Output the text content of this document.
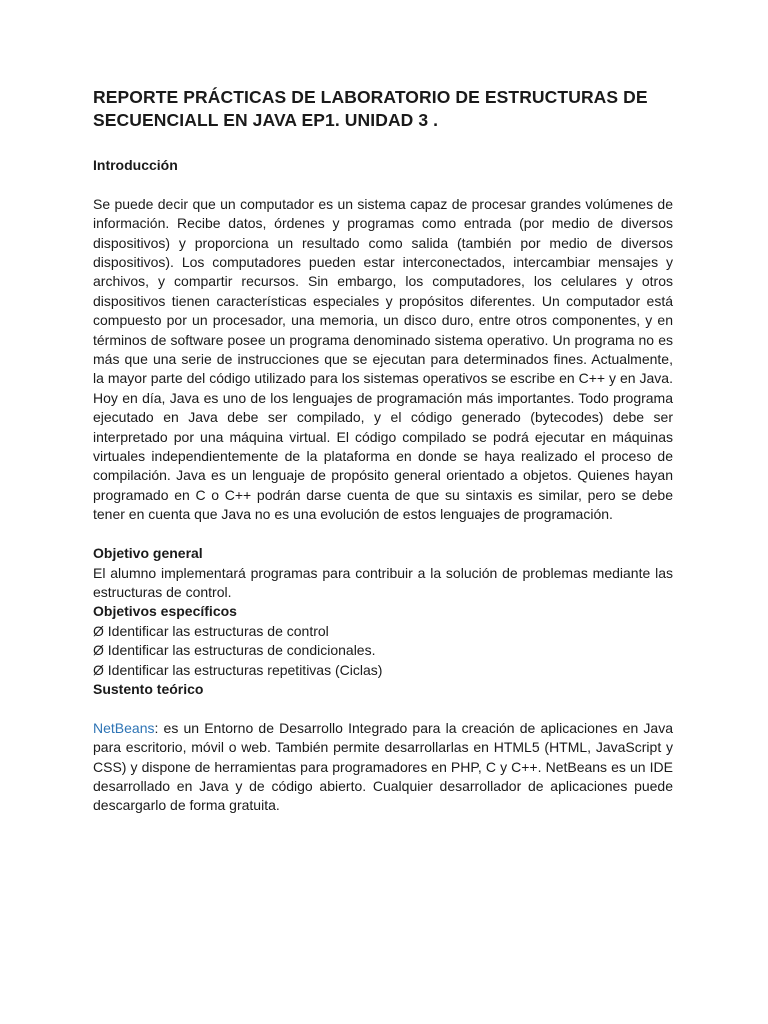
REPORTE PRÁCTICAS DE LABORATORIO DE ESTRUCTURAS DE SECUENCIALL EN JAVA EP1. UNIDAD 3 .
Introducción

Se puede decir que un computador es un sistema capaz de procesar grandes volúmenes de información. Recibe datos, órdenes y programas como entrada (por medio de diversos dispositivos) y proporciona un resultado como salida (también por medio de diversos dispositivos). Los computadores pueden estar interconectados, intercambiar mensajes y archivos, y compartir recursos. Sin embargo, los computadores, los celulares y otros dispositivos tienen características especiales y propósitos diferentes. Un computador está compuesto por un procesador, una memoria, un disco duro, entre otros componentes, y en términos de software posee un programa denominado sistema operativo. Un programa no es más que una serie de instrucciones que se ejecutan para determinados fines. Actualmente, la mayor parte del código utilizado para los sistemas operativos se escribe en C++ y en Java. Hoy en día, Java es uno de los lenguajes de programación más importantes. Todo programa ejecutado en Java debe ser compilado, y el código generado (bytecodes) debe ser interpretado por una máquina virtual. El código compilado se podrá ejecutar en máquinas virtuales independientemente de la plataforma en donde se haya realizado el proceso de compilación. Java es un lenguaje de propósito general orientado a objetos. Quienes hayan programado en C o C++ podrán darse cuenta de que su sintaxis es similar, pero se debe tener en cuenta que Java no es una evolución de estos lenguajes de programación.

Objetivo general

El alumno implementará programas para contribuir a la solución de problemas mediante las estructuras de control.

Objetivos específicos

Ø Identificar las estructuras de control

Ø Identificar las estructuras de condicionales.

Ø Identificar las estructuras repetitivas (Ciclas)

Sustento teórico

NetBeans: es un Entorno de Desarrollo Integrado para la creación de aplicaciones en Java para escritorio, móvil o web. También permite desarrollarlas en HTML5 (HTML, JavaScript y CSS) y dispone de herramientas para programadores en PHP, C y C++. NetBeans es un IDE desarrollado en Java y de código abierto. Cualquier desarrollador de aplicaciones puede descargarlo de forma gratuita.
